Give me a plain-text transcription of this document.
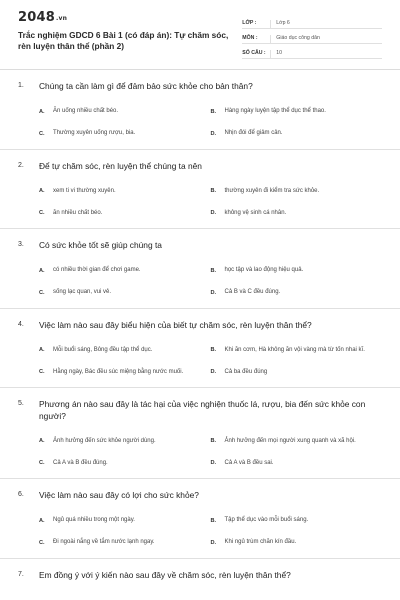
2048.vn
Trắc nghiệm GDCD 6 Bài 1 (có đáp án): Tự chăm sóc, rèn luyện thân thể (phần 2)
LỚP :	Lớp 6
MÔN :	Giáo dục công dân
SỐ CÂU :	10
1.	Chúng ta cần làm gì để đảm bảo sức khỏe cho bản thân?
A.	Ăn uống nhiều chất béo.	B.	Hàng ngày luyện tập thể dục thể thao.
C.	Thường xuyên uống rượu, bia.	D.	Nhịn đói để giảm cân.
2.	Để tự chăm sóc, rèn luyện thể chúng ta nên
A.	xem ti vi thường xuyên.	B.	thường xuyên đi kiểm tra sức khỏe.
C.	ăn nhiều chất béo.	D.	không vệ sinh cá nhân.
3.	Có sức khỏe tốt sẽ giúp chúng ta
A.	có nhiều thời gian để chơi game.	B.	học tập và lao động hiệu quả.
C.	sống lạc quan, vui vẻ.	D.	Cả B và C đều đúng.
4.	Việc làm nào sau đây biểu hiện của biết tự chăm sóc, rèn luyện thân thể?
A.	Mỗi buổi sáng, Bông đều tập thể dục.	B.	Khi ăn cơm, Hà không ăn vội vàng mà từ tốn nhai kĩ.
C.	Hằng ngày, Bác đều súc miệng bằng nước muối.	D.	Cả ba đều đúng
5.	Phương án nào sau đây là tác hại của việc nghiện thuốc lá, rượu, bia đến sức khỏe con người?
A.	Ảnh hưởng đến sức khỏe người dùng.	B.	Ảnh hưởng đến mọi người xung quanh và xã hội.
C.	Cả A và B đều đúng.	D.	Cả A và B đều sai.
6.	Việc làm nào sau đây có lợi cho sức khỏe?
A.	Ngủ quá nhiều trong một ngày.	B.	Tập thể dục vào mỗi buổi sáng.
C.	Đi ngoài nắng về tắm nước lạnh ngay.	D.	Khi ngủ trùm chăn kín đầu.
7.	Em đồng ý với ý kiến nào sau đây về chăm sóc, rèn luyện thân thể?
